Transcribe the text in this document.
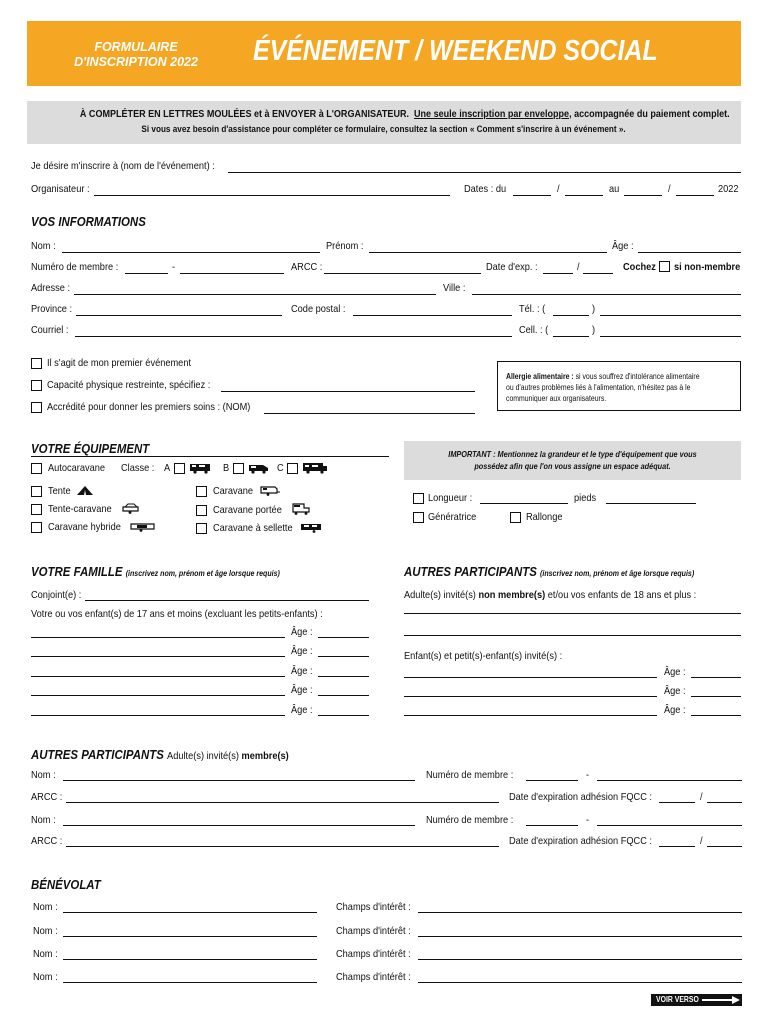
FORMULAIRE
D'INSCRIPTION 2022 ÉVÉNEMENT / WEEKEND SOCIAL
À COMPLÉTER EN LETTRES MOULÉES et à ENVOYER à L'ORGANISATEUR. Une seule inscription par enveloppe, accompagnée du paiement complet.
Si vous avez besoin d'assistance pour compléter ce formulaire, consultez la section « Comment s'inscrire à un événement ».
Je désire m'inscrire à (nom de l'événement) :
Organisateur :	Dates : du	/	au	/	2022
VOS INFORMATIONS
Nom :	Prénom :	Âge :
Numéro de membre :	-	ARCC :	Date d'exp. :	/	Cochez si non-membre
Adresse :	Ville :
Province :	Code postal :	Tél. : (	)
Courriel :	Cell. : (	)
Il s'agit de mon premier événement
Capacité physique restreinte, spécifiez :
Accrédité pour donner les premiers soins : (NOM)
Allergie alimentaire : si vous souffrez d'intolérance alimentaire
ou d'autres problèmes liés à l'alimentation, n'hésitez pas à le
communiquer aux organisateurs.
VOTRE ÉQUIPEMENT
Autocaravane Classe : A	B	C
Tente
Tente-caravane
Caravane hybride
Caravane
Caravane portée
Caravane à sellette
IMPORTANT : Mentionnez la grandeur et le type d'équipement que vous
possédez afin que l'on vous assigne un espace adéquat.
Longueur :	pieds
Génératrice	Rallonge
VOTRE FAMILLE (inscrivez nom, prénom et âge lorsque requis)
Conjoint(e) :
Votre ou vos enfant(s) de 17 ans et moins (excluant les petits-enfants) :
Âge :
Âge :
Âge :
Âge :
Âge :
AUTRES PARTICIPANTS (inscrivez nom, prénom et âge lorsque requis)
Adulte(s) invité(s) non membre(s) et/ou vos enfants de 18 ans et plus :
Enfant(s) et petit(s)-enfant(s) invité(s) :
Âge :
Âge :
Âge :
AUTRES PARTICIPANTS Adulte(s) invité(s) membre(s)
Nom :	Numéro de membre :	-
ARCC :	Date d'expiration adhésion FQCC :	/
Nom :	Numéro de membre :	-
ARCC :	Date d'expiration adhésion FQCC :	/
BÉNÉVOLAT
Nom :	Champs d'intérêt :
Nom :	Champs d'intérêt :
Nom :	Champs d'intérêt :
Nom :	Champs d'intérêt :
VOIR VERSO
